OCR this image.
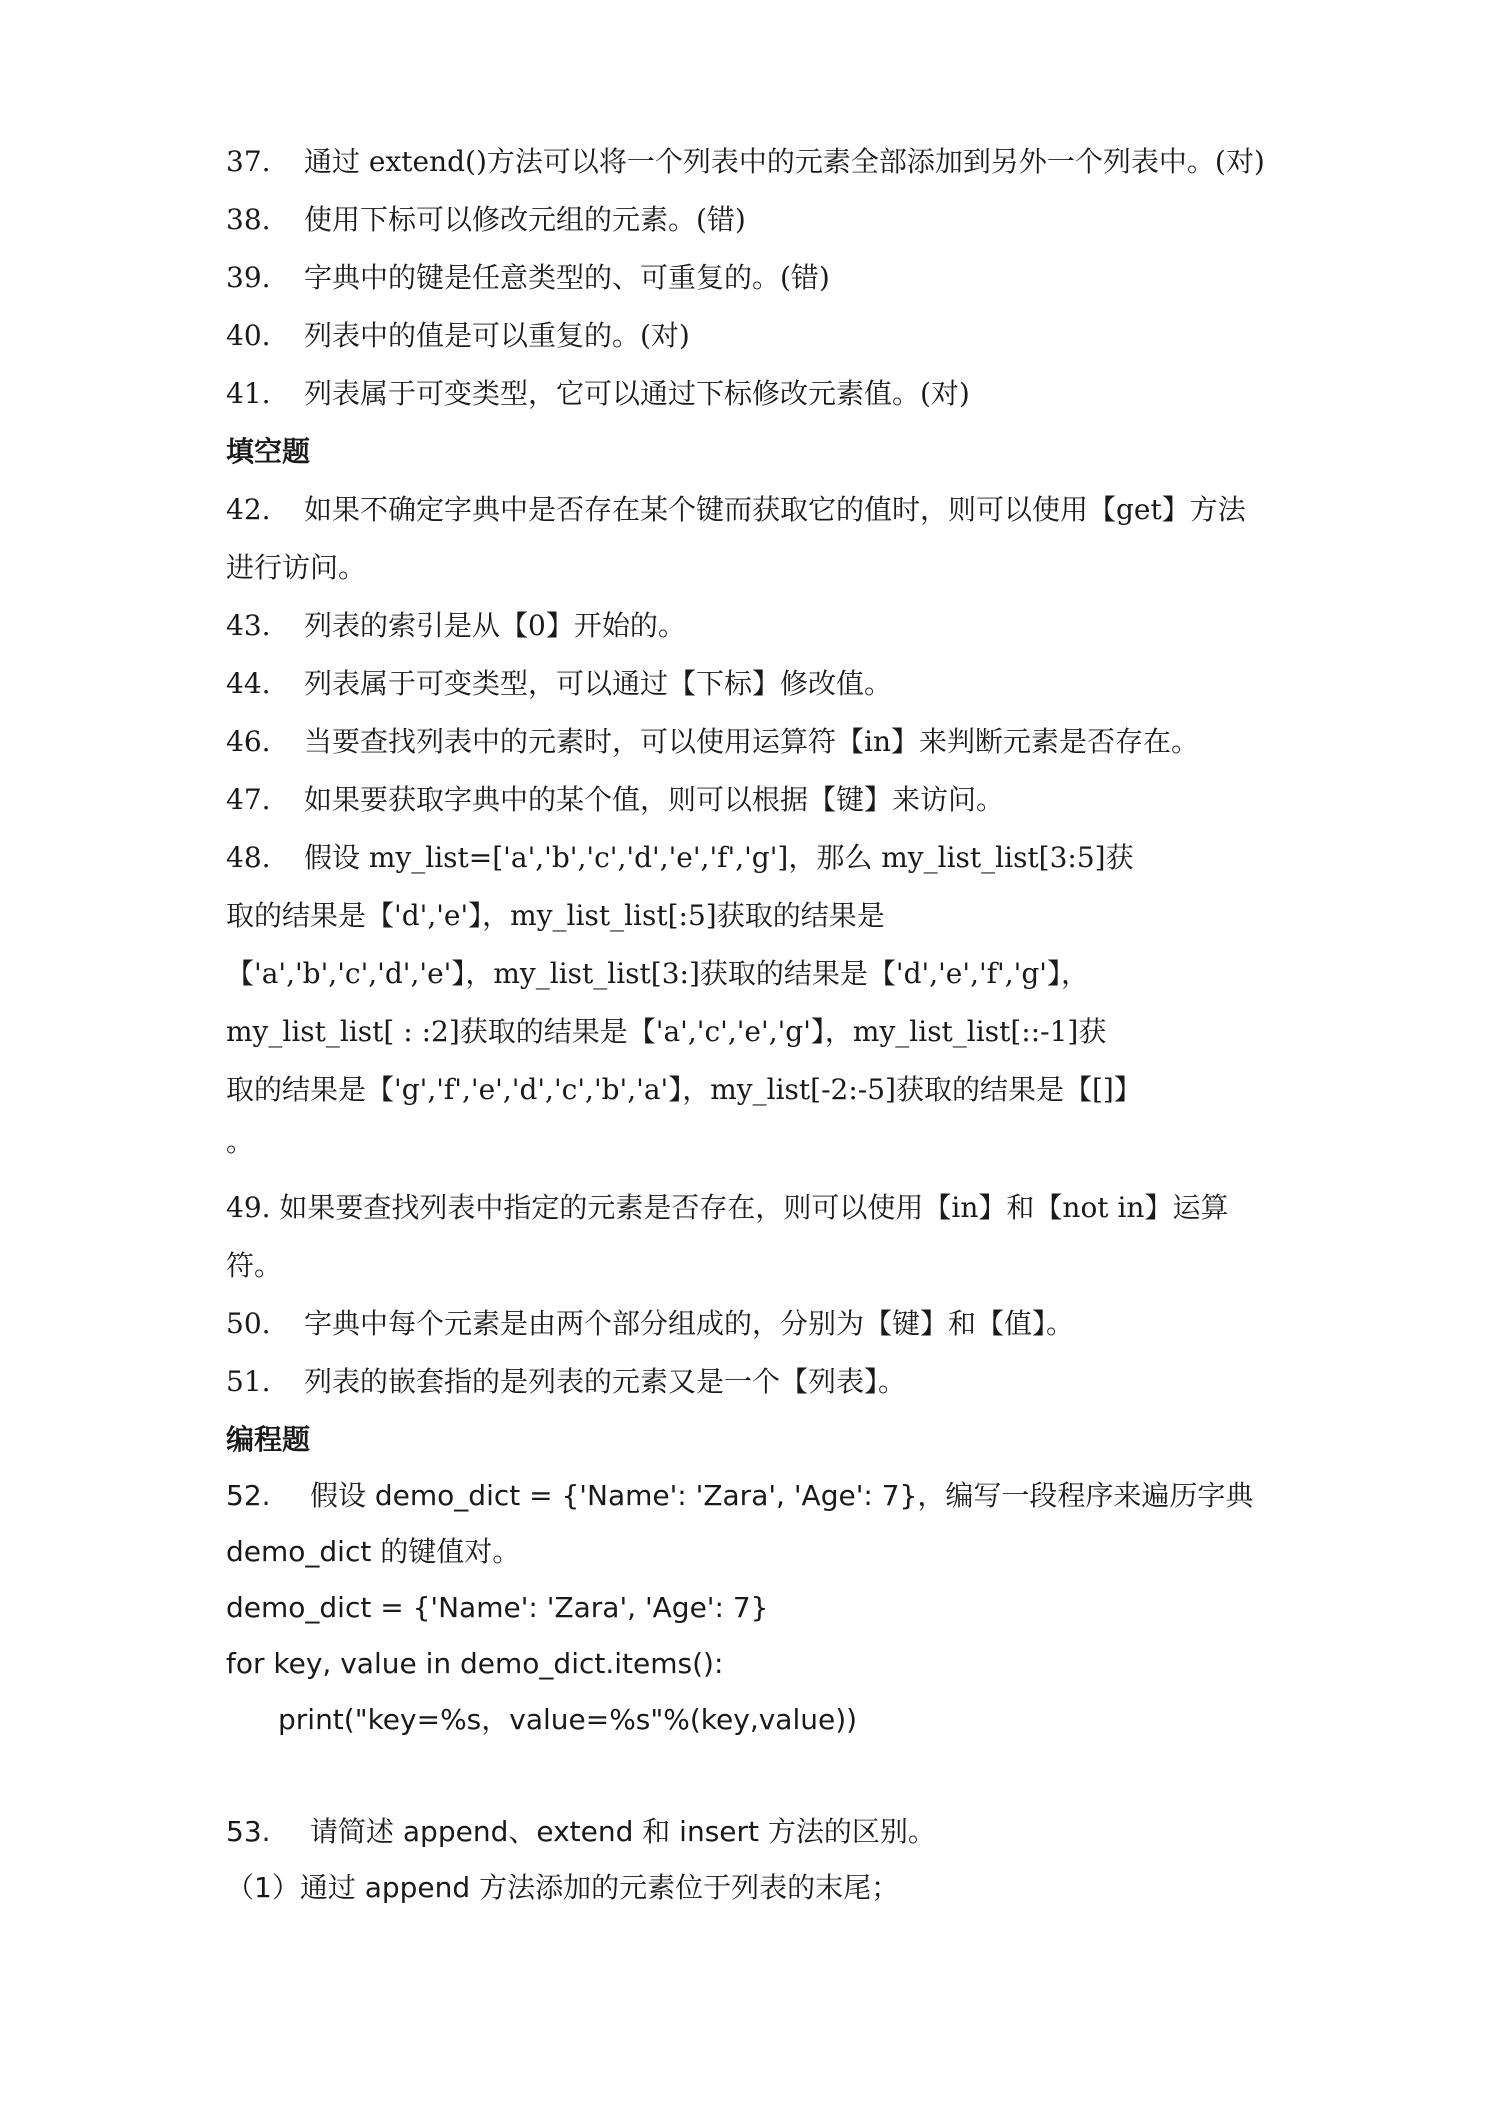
37. 通过 extend()方法可以将一个列表中的元素全部添加到另外一个列表中。(对)
38. 使用下标可以修改元组的元素。(错)
39. 字典中的键是任意类型的、可重复的。(错)
40. 列表中的值是可以重复的。(对)
41. 列表属于可变类型，它可以通过下标修改元素值。(对)
填空题
42. 如果不确定字典中是否存在某个键而获取它的值时，则可以使用【get】方法
进行访问。
43. 列表的索引是从【0】开始的。
44. 列表属于可变类型，可以通过【下标】修改值。
46. 当要查找列表中的元素时，可以使用运算符【in】来判断元素是否存在。
47. 如果要获取字典中的某个值，则可以根据【键】来访问。
48. 假设 my_list=['a','b','c','d','e','f','g']，那么 my_list_list[3:5]获
取的结果是【'd','e'】，my_list_list[:5]获取的结果是
【'a','b','c','d','e'】，my_list_list[3:]获取的结果是【'd','e','f','g'】，
my_list_list[ : :2]获取的结果是【'a','c','e','g'】，my_list_list[::-1]获
取的结果是【'g','f','e','d','c','b','a'】，my_list[-2:-5]获取的结果是【[]】
。
49. 如果要查找列表中指定的元素是否存在，则可以使用【in】和【not in】运算
符。
50. 字典中每个元素是由两个部分组成的，分别为【键】和【值】。
51. 列表的嵌套指的是列表的元素又是一个【列表】。
编程题
52. 假设 demo_dict = {'Name': 'Zara', 'Age': 7}，编写一段程序来遍历字典
demo_dict 的键值对。
demo_dict = {'Name': 'Zara', 'Age': 7}
for key, value in demo_dict.items():
print("key=%s，value=%s"%(key,value))
53. 请简述 append、extend 和 insert 方法的区别。
（1）通过 append 方法添加的元素位于列表的末尾；
